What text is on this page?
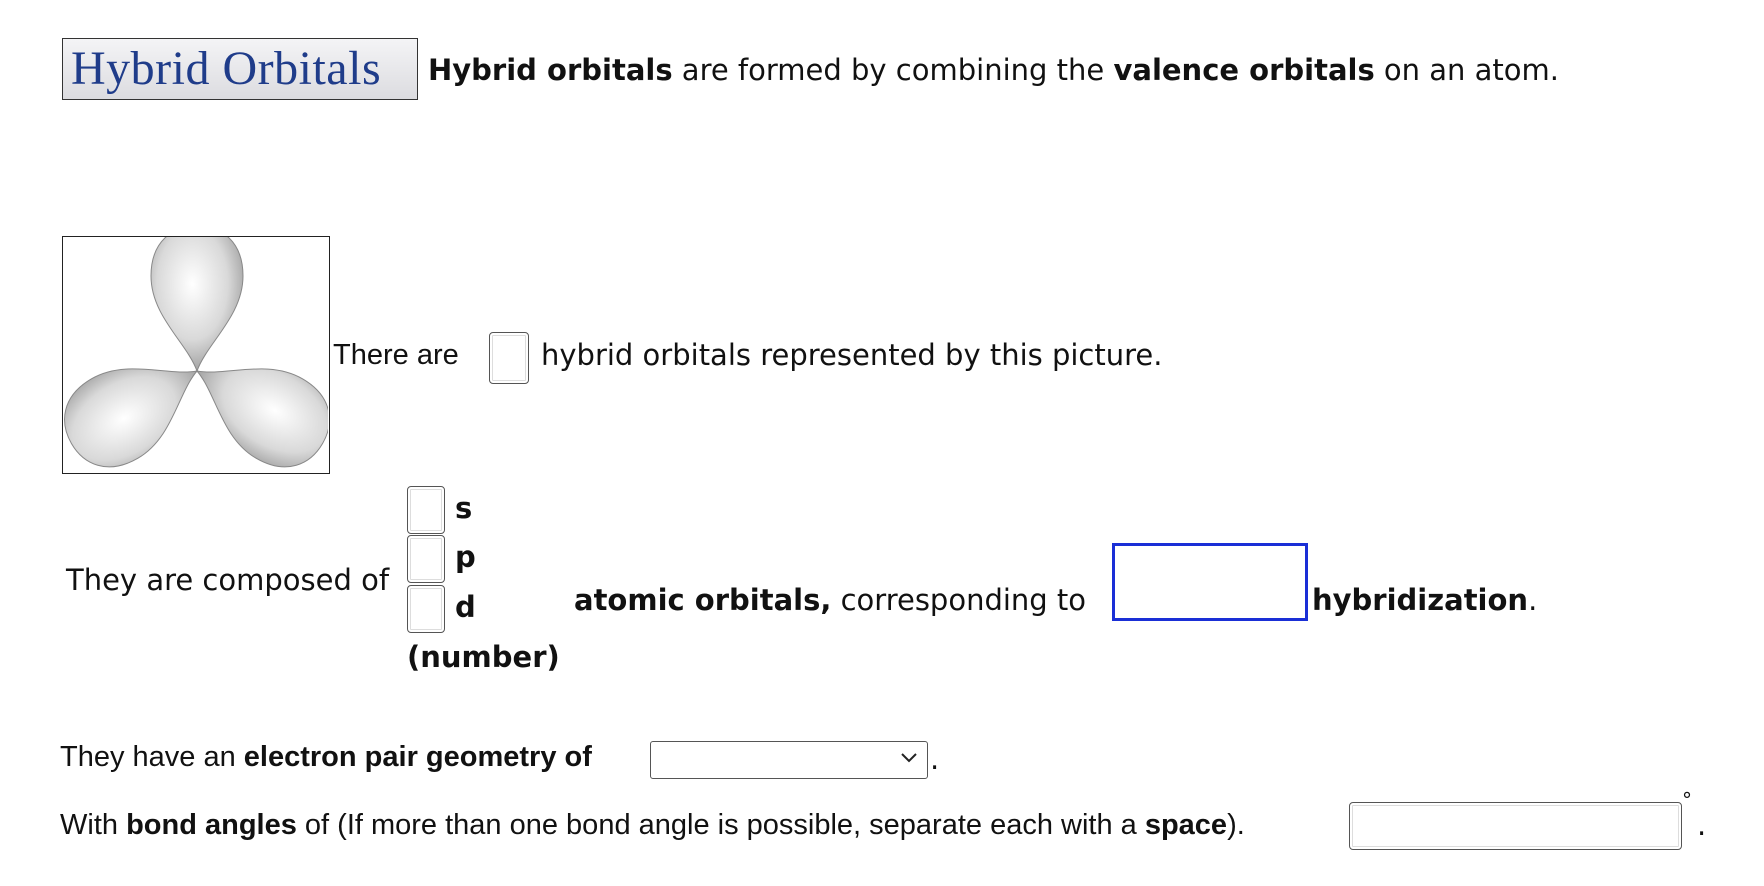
Hybrid Orbitals	Hybrid orbitals are formed by combining the valence orbitals on an atom.
There are	hybrid orbitals represented by this picture.
They are composed of
s
p
d
(number)
atomic orbitals, corresponding to	hybridization.
They have an electron pair geometry of	.
With bond angles of (If more than one bond angle is possible, separate each with a space).
°
.
